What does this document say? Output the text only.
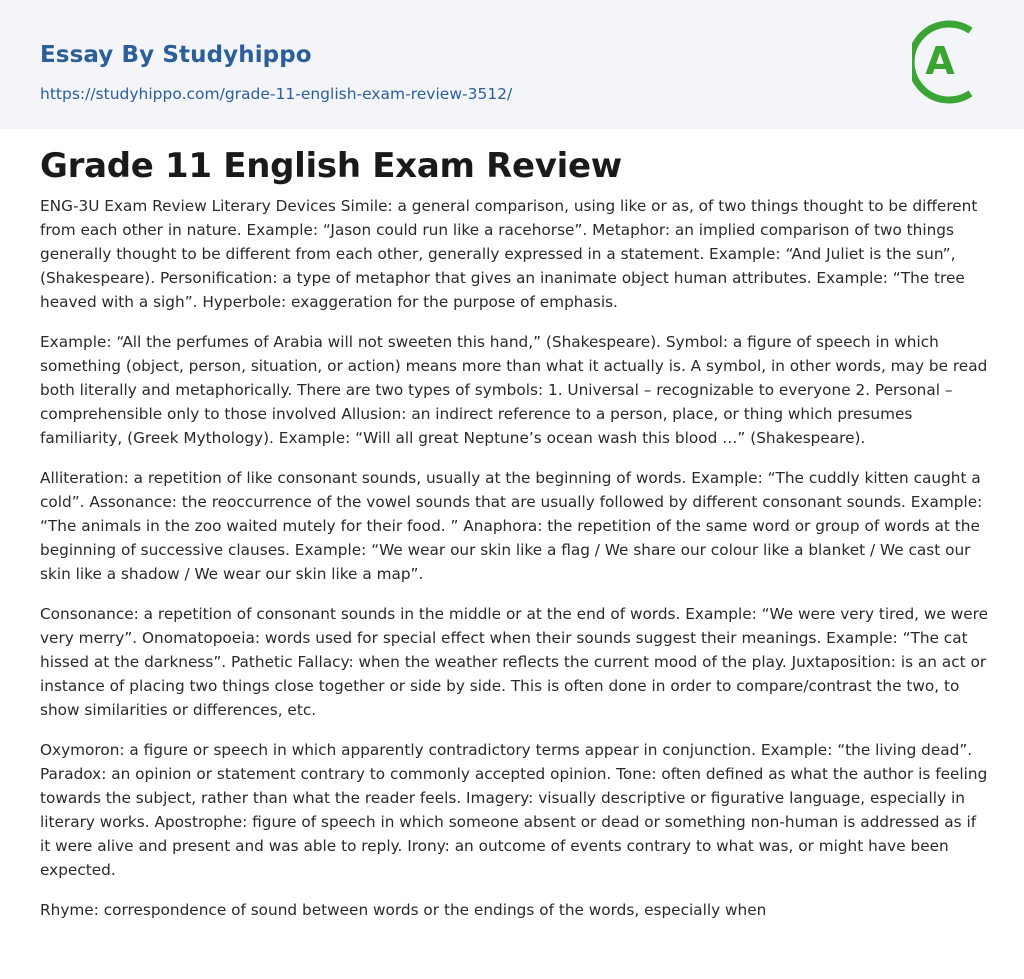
Essay By Studyhippo
https://studyhippo.com/grade-11-english-exam-review-3512/
A
Grade 11 English Exam Review

ENG-3U Exam Review Literary Devices Simile: a general comparison, using like or as, of two things thought to be different from each other in nature. Example: “Jason could run like a racehorse”. Metaphor: an implied comparison of two things generally thought to be different from each other, generally expressed in a statement. Example: “And Juliet is the sun”, (Shakespeare). Personification: a type of metaphor that gives an inanimate object human attributes. Example: “The tree heaved with a sigh”. Hyperbole: exaggeration for the purpose of emphasis.

Example: “All the perfumes of Arabia will not sweeten this hand,” (Shakespeare). Symbol: a figure of speech in which something (object, person, situation, or action) means more than what it actually is. A symbol, in other words, may be read both literally and metaphorically. There are two types of symbols: 1. Universal – recognizable to everyone 2. Personal – comprehensible only to those involved Allusion: an indirect reference to a person, place, or thing which presumes familiarity, (Greek Mythology). Example: “Will all great Neptune’s ocean wash this blood …” (Shakespeare).

Alliteration: a repetition of like consonant sounds, usually at the beginning of words. Example: “The cuddly kitten caught a cold”. Assonance: the reoccurrence of the vowel sounds that are usually followed by different consonant sounds. Example: “The animals in the zoo waited mutely for their food. ” Anaphora: the repetition of the same word or group of words at the beginning of successive clauses. Example: “We wear our skin like a flag / We share our colour like a blanket / We cast our skin like a shadow / We wear our skin like a map”.

Consonance: a repetition of consonant sounds in the middle or at the end of words. Example: “We were very tired, we were very merry”. Onomatopoeia: words used for special effect when their sounds suggest their meanings. Example: “The cat hissed at the darkness”. Pathetic Fallacy: when the weather reflects the current mood of the play. Juxtaposition: is an act or instance of placing two things close together or side by side. This is often done in order to compare/contrast the two, to show similarities or differences, etc.

Oxymoron: a figure or speech in which apparently contradictory terms appear in conjunction. Example: “the living dead”. Paradox: an opinion or statement contrary to commonly accepted opinion. Tone: often defined as what the author is feeling towards the subject, rather than what the reader feels. Imagery: visually descriptive or figurative language, especially in literary works. Apostrophe: figure of speech in which someone absent or dead or something non-human is addressed as if it were alive and present and was able to reply. Irony: an outcome of events contrary to what was, or might have been expected.

Rhyme: correspondence of sound between words or the endings of the words, especially when
